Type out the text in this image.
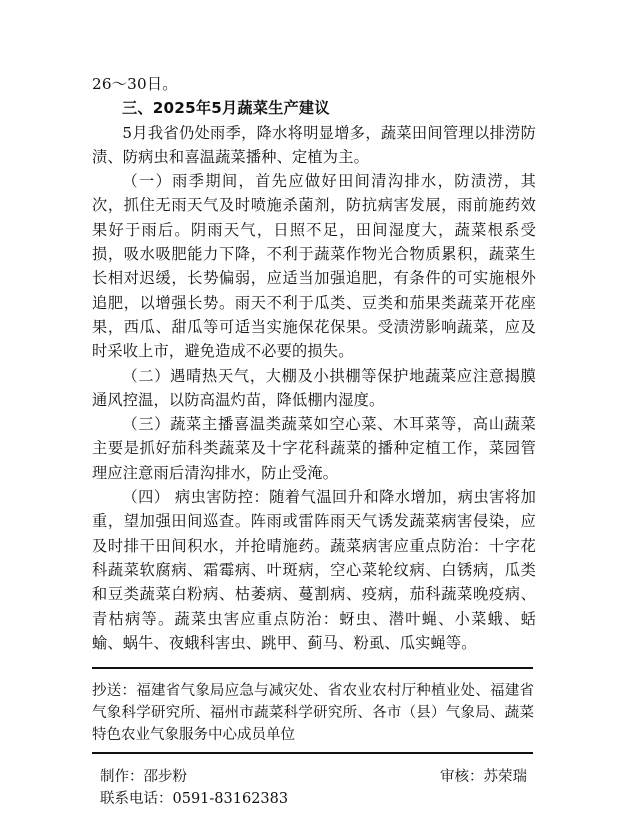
26～30日。

三、2025年5月蔬菜生产建议

5月我省仍处雨季，降水将明显增多，蔬菜田间管理以排涝防渍、防病虫和喜温蔬菜播种、定植为主。

（一）雨季期间，首先应做好田间清沟排水，防渍涝，其次，抓住无雨天气及时喷施杀菌剂，防抗病害发展，雨前施药效果好于雨后。阴雨天气，日照不足，田间湿度大，蔬菜根系受损，吸水吸肥能力下降，不利于蔬菜作物光合物质累积，蔬菜生长相对迟缓，长势偏弱，应适当加强追肥，有条件的可实施根外追肥，以增强长势。雨天不利于瓜类、豆类和茄果类蔬菜开花座果，西瓜、甜瓜等可适当实施保花保果。受渍涝影响蔬菜，应及时采收上市，避免造成不必要的损失。

（二）遇晴热天气，大棚及小拱棚等保护地蔬菜应注意揭膜通风控温，以防高温灼苗，降低棚内湿度。

（三）蔬菜主播喜温类蔬菜如空心菜、木耳菜等，高山蔬菜主要是抓好茄科类蔬菜及十字花科蔬菜的播种定植工作，菜园管理应注意雨后清沟排水，防止受淹。

（四） 病虫害防控：随着气温回升和降水增加，病虫害将加重，望加强田间巡查。阵雨或雷阵雨天气诱发蔬菜病害侵染，应及时排干田间积水，并抢晴施药。蔬菜病害应重点防治：十字花科蔬菜软腐病、霜霉病、叶斑病，空心菜轮纹病、白锈病，瓜类和豆类蔬菜白粉病、枯萎病、蔓割病、疫病，茄科蔬菜晚疫病、青枯病等。蔬菜虫害应重点防治：蚜虫、潜叶蝇、小菜蛾、蛞蝓、蜗牛、夜蛾科害虫、跳甲、蓟马、粉虱、瓜实蝇等。

抄送：福建省气象局应急与减灾处、省农业农村厅种植业处、福建省气象科学研究所、福州市蔬菜科学研究所、各市（县）气象局、蔬菜特色农业气象服务中心成员单位

制作：邵步粉	审核：苏荣瑞
联系电话：0591-83162383
